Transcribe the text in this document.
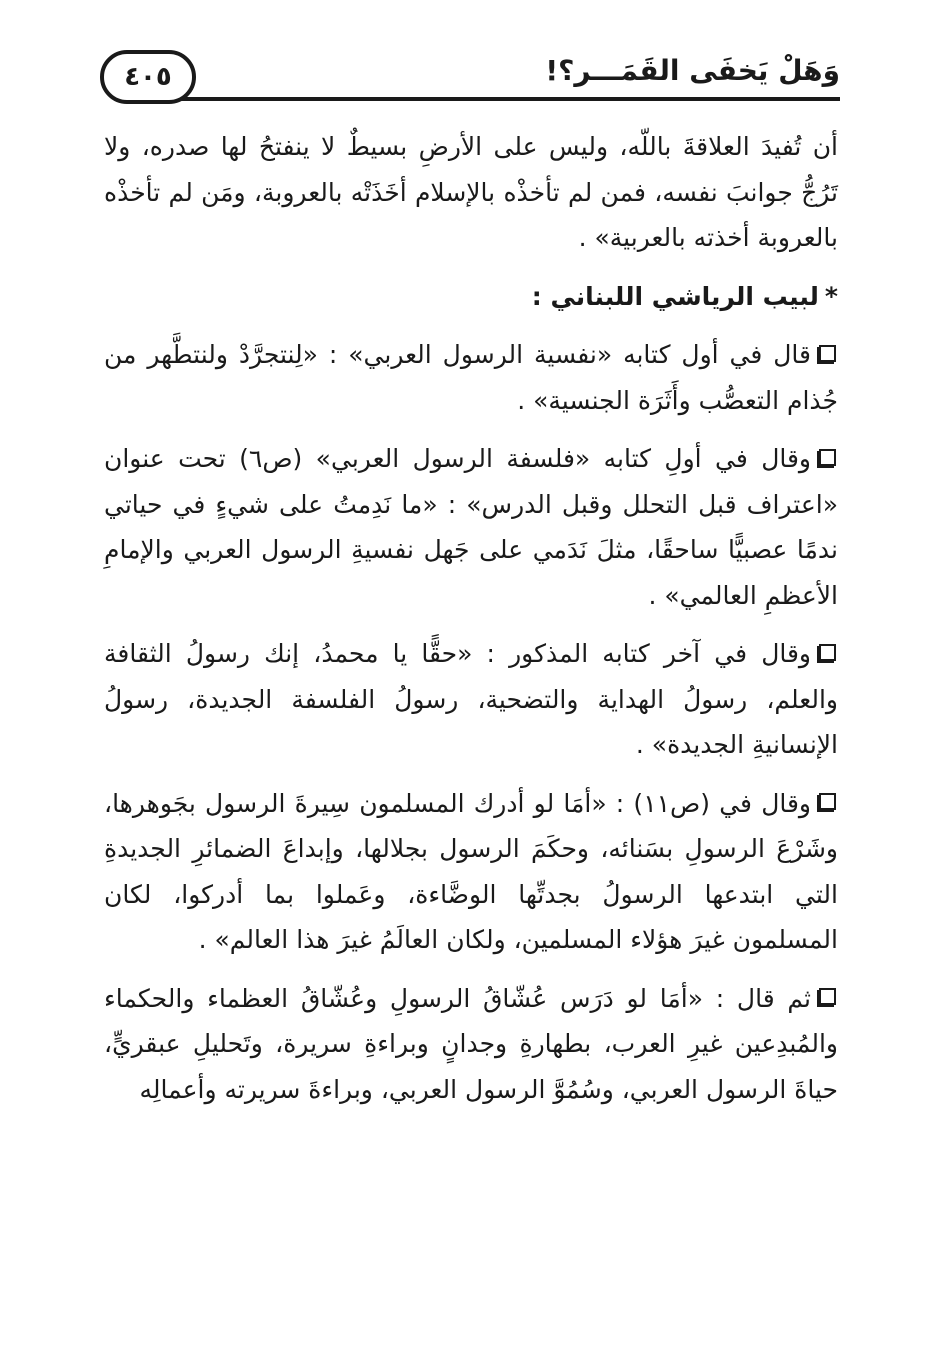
٤٠٥	وَهَلْ يَخفَى القَمَـــر؟!

أن تُفيدَ العلاقةَ باللّه، وليس على الأرضِ بسيطٌ لا ينفتحُ لها صدره، ولا تَرُجُّ جوانبَ نفسه، فمن لم تأخذْه بالإسلام أخَذَتْه بالعروبة، ومَن لم تأخذْه بالعروبة أخذته بالعربية» .

*لبيب الرياشي اللبناني :

قال في أول كتابه «نفسية الرسول العربي» : «لِنتجرَّدْ ولنتطَّهر من جُذام التعصُّب وأَثَرَة الجنسية» .

وقال في أولِ كتابه «فلسفة الرسول العربي» (ص٦) تحت عنوان «اعتراف قبل التحلل وقبل الدرس» : «ما نَدِمتُ على شيءٍ في حياتي ندمًا عصبيًّا ساحقًا، مثلَ نَدَمي على جَهل نفسيةِ الرسول العربي والإمامِ الأعظمِ العالمي» .

وقال في آخر كتابه المذكور : «حقًّا يا محمدُ، إنك رسولُ الثقافة والعلم، رسولُ الهداية والتضحية، رسولُ الفلسفة الجديدة، رسولُ الإنسانيةِ الجديدة» .

وقال في (ص١١) : «أمَا لو أدرك المسلمون سِيرةَ الرسول بجَوهرها، وشَرْعَ الرسولِ بسَنائه، وحكَمَ الرسول بجلالها، وإبداعَ الضمائرِ الجديدةِ التي ابتدعها الرسولُ بجدتِّها الوضَّاءة، وعَملوا بما أدركوا، لكان المسلمون غيرَ هؤلاء المسلمين، ولكان العالَمُ غيرَ هذا العالم» .

ثم قال : «أمَا لو دَرَس عُشّاقُ الرسولِ وعُشّاقُ العظماء والحكماء والمُبدِعين غيرِ العرب، بطهارةِ وجدانٍ وبراءةِ سريرة، وتَحليلِ عبقريٍّ، حياةَ الرسول العربي، وسُمُوَّ الرسول العربي، وبراءةَ سريرته وأعمالِه
